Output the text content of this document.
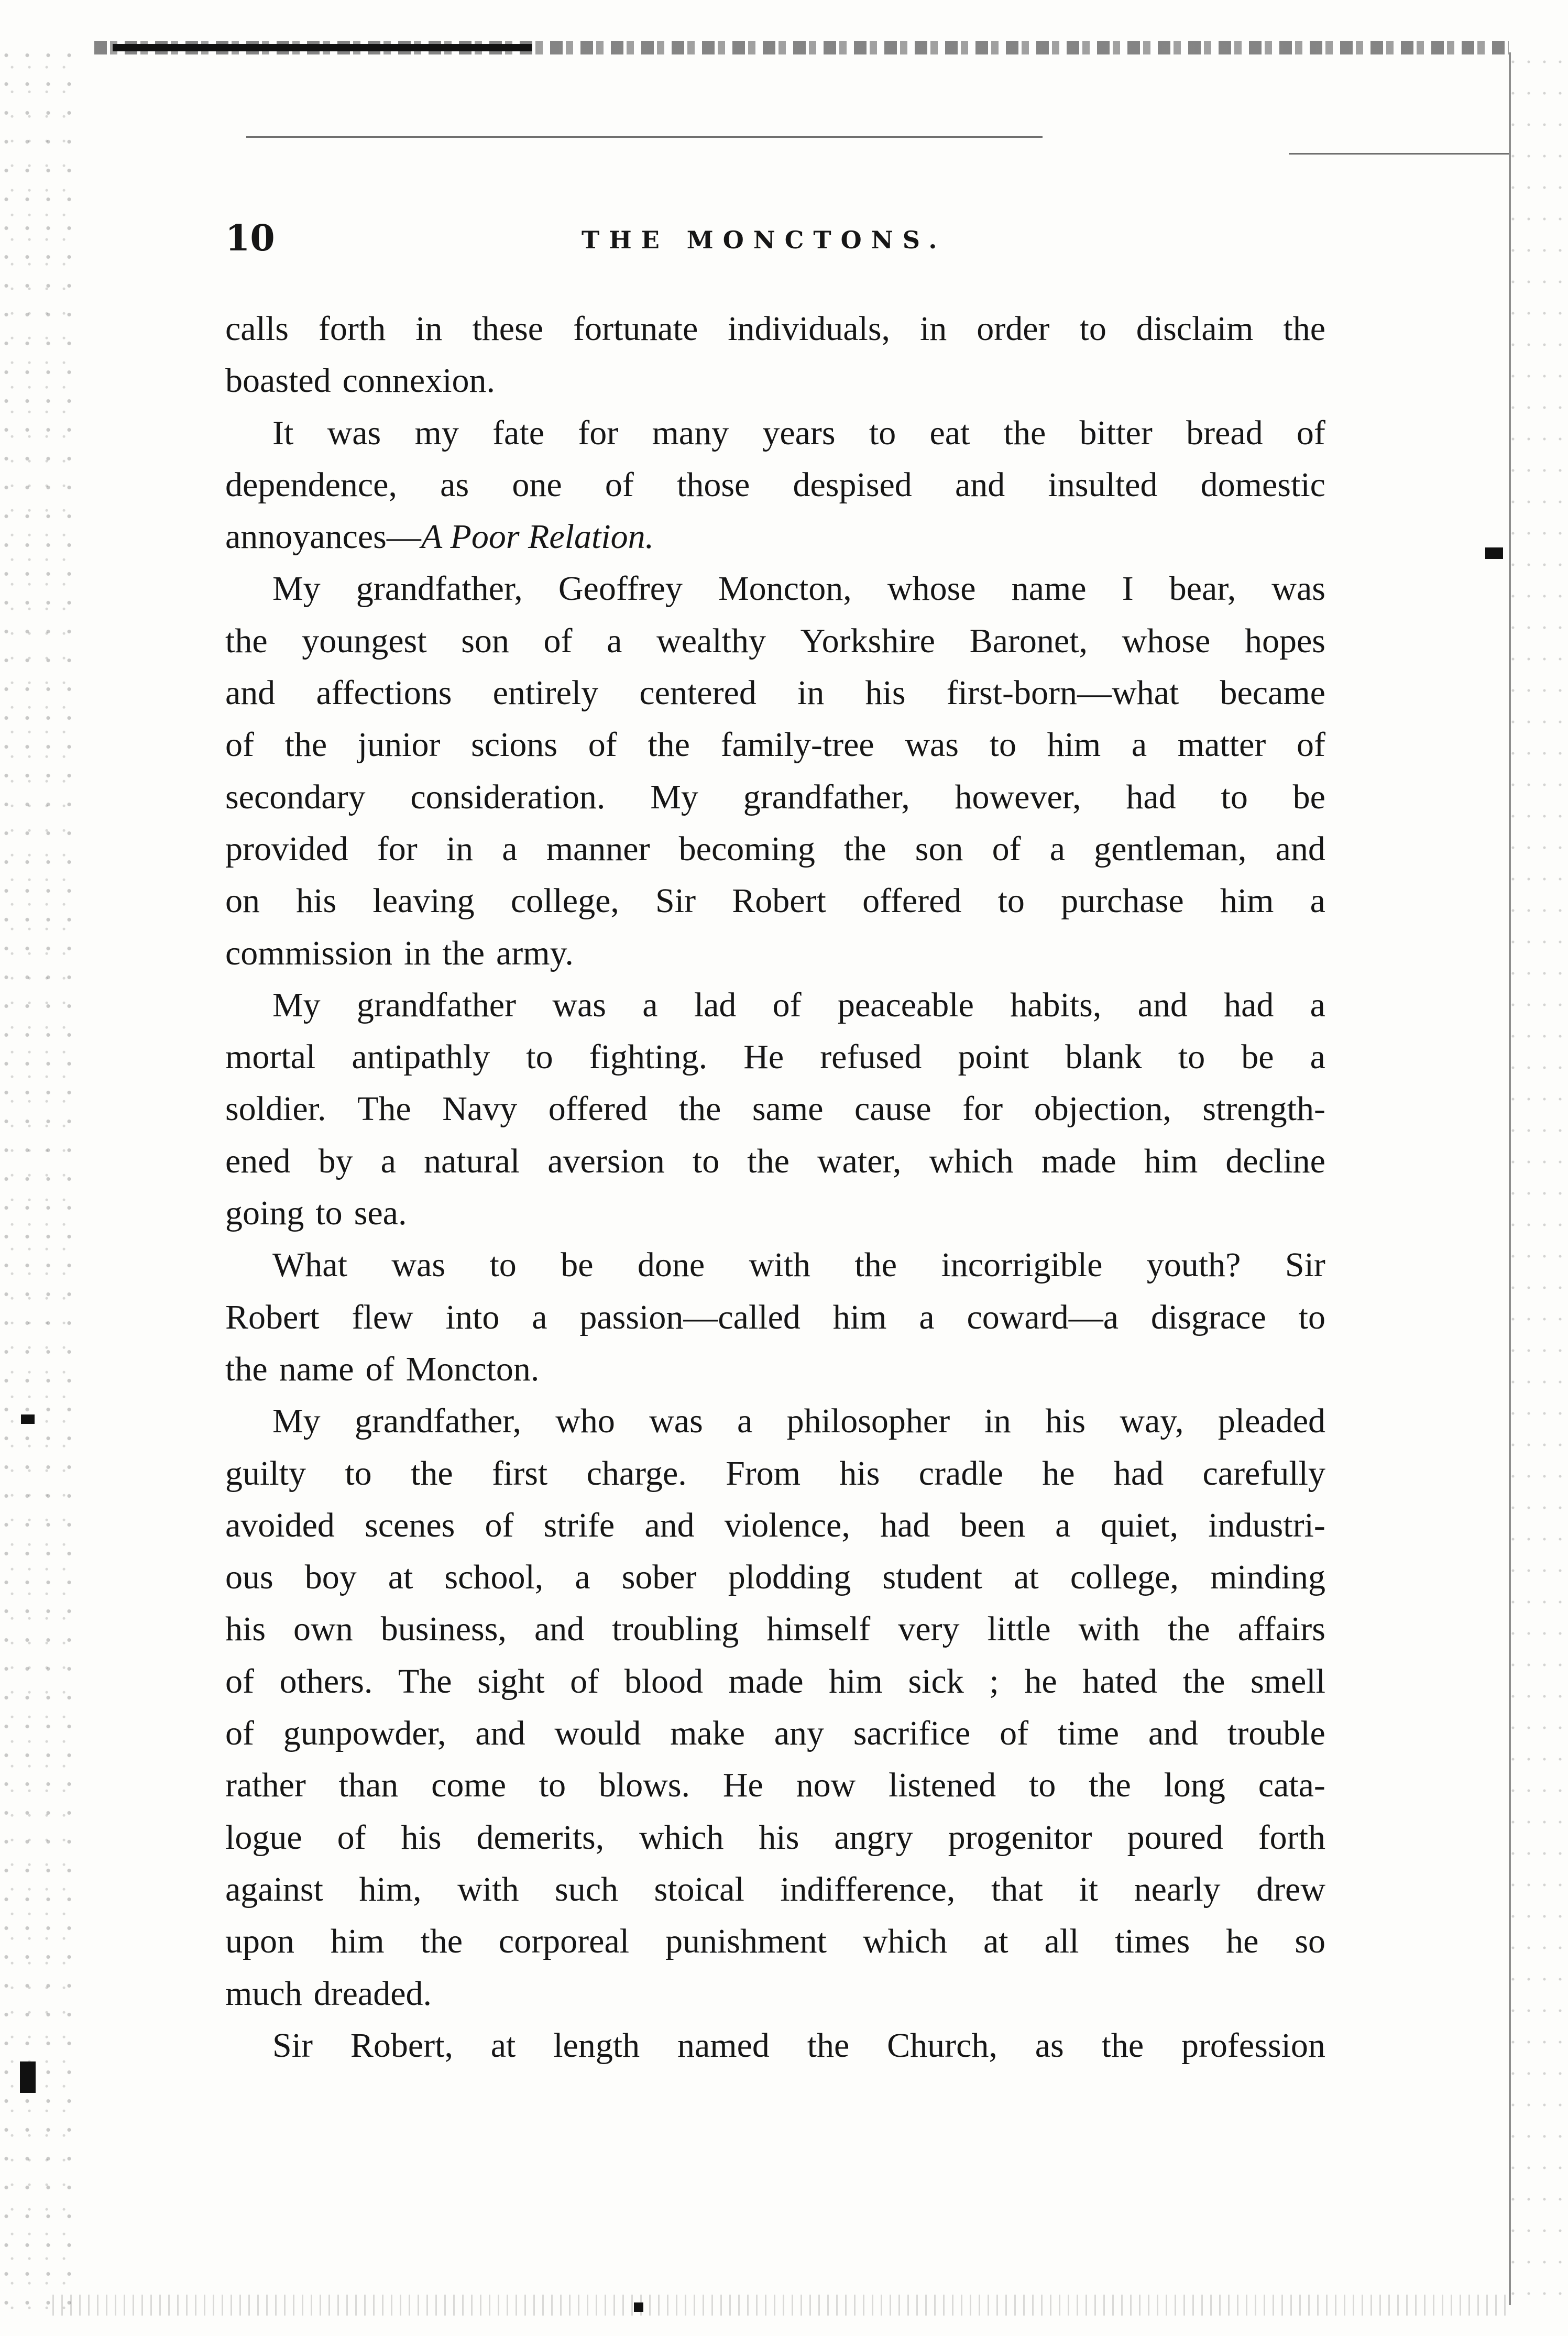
10	THE MONCTONS.
calls forth in these fortunate individuals, in order to disclaim the
boasted connexion.
It was my fate for many years to eat the bitter bread of
dependence, as one of those despised and insulted domestic
annoyances— A Poor Relation.
My grandfather, Geoffrey Moncton, whose name I bear, was
the youngest son of a wealthy Yorkshire Baronet, whose hopes
and affections entirely centered in his first-born—what became
of the junior scions of the family-tree was to him a matter of
secondary consideration. My grandfather, however, had to be
provided for in a manner becoming the son of a gentleman, and
on his leaving college, Sir Robert offered to purchase him a
commission in the army.
My grandfather was a lad of peaceable habits, and had a
mortal antipathly to fighting. He refused point blank to be a
soldier. The Navy offered the same cause for objection, strength-
ened by a natural aversion to the water, which made him decline
going to sea.
What was to be done with the incorrigible youth? Sir
Robert flew into a passion—called him a coward—a disgrace to
the name of Moncton.
My grandfather, who was a philosopher in his way, pleaded
guilty to the first charge. From his cradle he had carefully
avoided scenes of strife and violence, had been a quiet, industri-
ous boy at school, a sober plodding student at college, minding
his own business, and troubling himself very little with the affairs
of others. The sight of blood made him sick ; he hated the smell
of gunpowder, and would make any sacrifice of time and trouble
rather than come to blows. He now listened to the long cata-
logue of his demerits, which his angry progenitor poured forth
against him, with such stoical indifference, that it nearly drew
upon him the corporeal punishment which at all times he so
much dreaded.
Sir Robert, at length named the Church, as the profession
